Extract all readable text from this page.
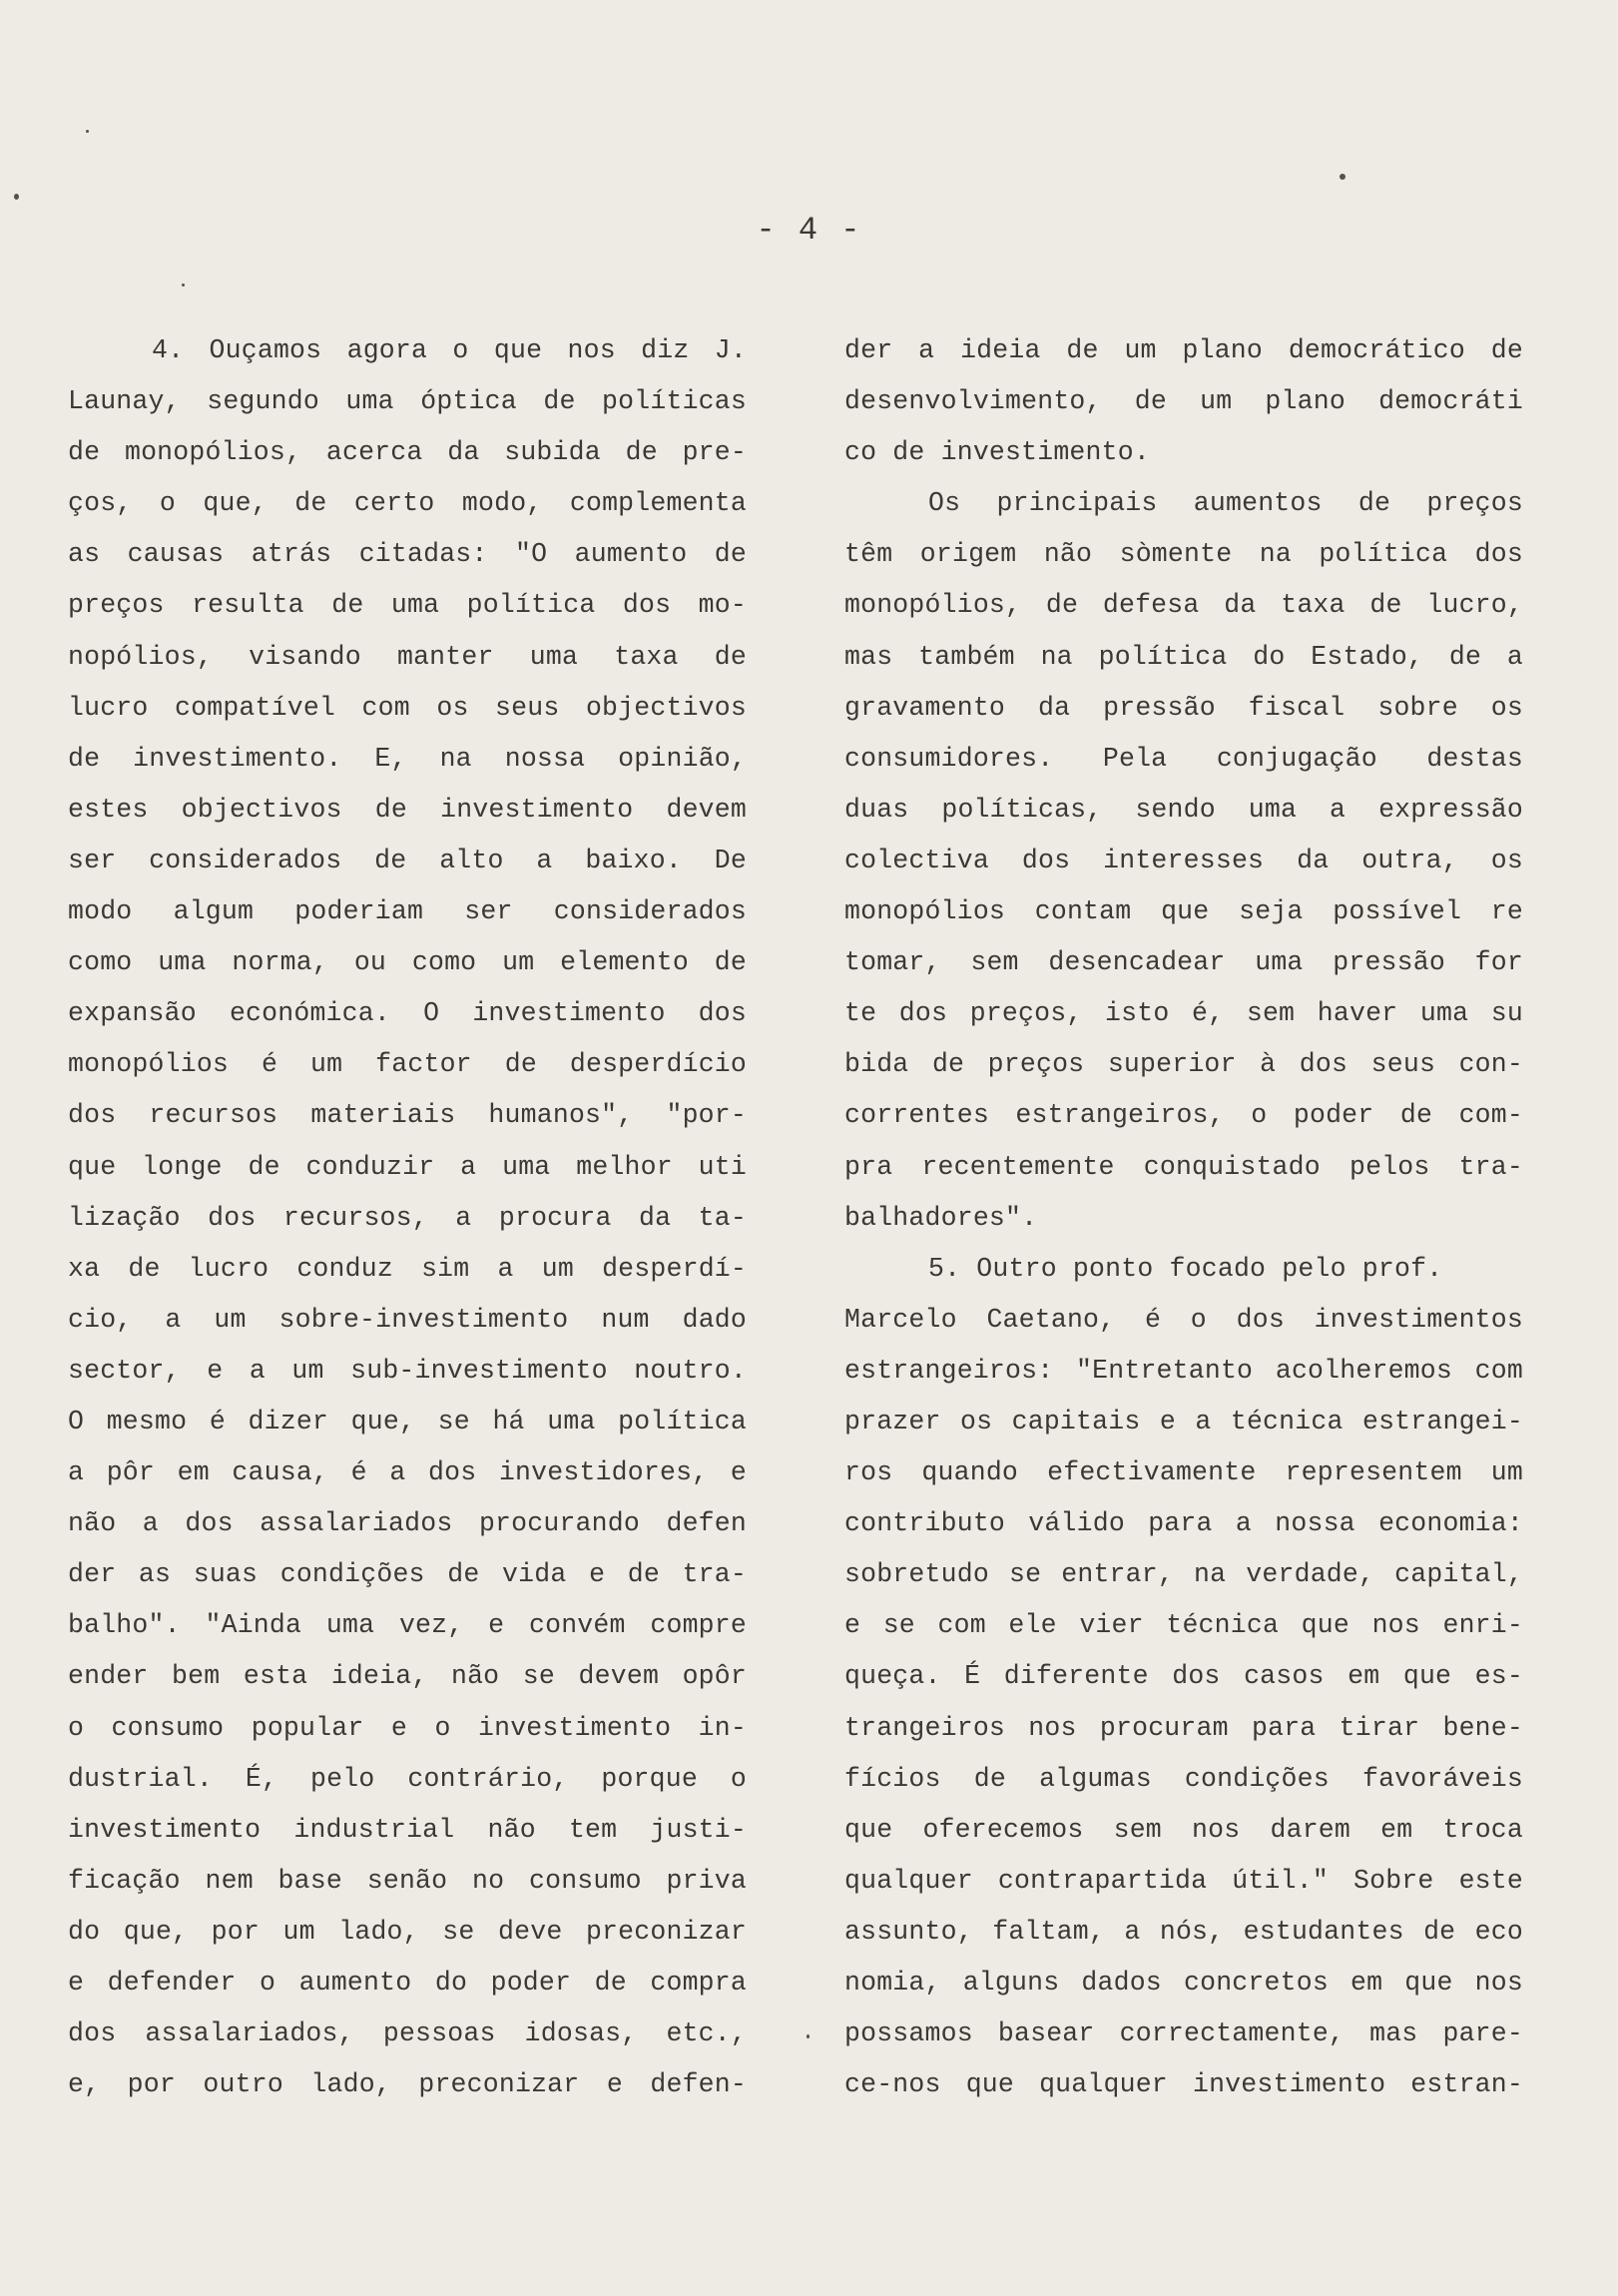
- 4 -
4. Ouçamos agora o que nos diz J.
Launay, segundo uma óptica de políticas
de monopólios, acerca da subida de pre-
ços, o que, de certo modo, complementa
as causas atrás citadas: "O aumento de
preços resulta de uma política dos mo-
nopólios, visando manter uma taxa de
lucro compatível com os seus objectivos
de investimento. E, na nossa opinião,
estes objectivos de investimento devem
ser considerados de alto a baixo. De
modo algum poderiam ser considerados
como uma norma, ou como um elemento de
expansão económica. O investimento dos
monopólios é um factor de desperdício
dos recursos materiais humanos", "por-
que longe de conduzir a uma melhor uti
lização dos recursos, a procura da ta-
xa de lucro conduz sim a um desperdí-
cio, a um sobre-investimento num dado
sector, e a um sub-investimento noutro.
O mesmo é dizer que, se há uma política
a pôr em causa, é a dos investidores, e
não a dos assalariados procurando defen
der as suas condições de vida e de tra-
balho". "Ainda uma vez, e convém compre
ender bem esta ideia, não se devem opôr
o consumo popular e o investimento in-
dustrial. É, pelo contrário, porque o
investimento industrial não tem justi-
ficação nem base senão no consumo priva
do que, por um lado, se deve preconizar
e defender o aumento do poder de compra
dos assalariados, pessoas idosas, etc.,
e, por outro lado, preconizar e defen-
der a ideia de um plano democrático de
desenvolvimento, de um plano democráti
co de investimento.
Os principais aumentos de preços
têm origem não sòmente na política dos
monopólios, de defesa da taxa de lucro,
mas também na política do Estado, de a
gravamento da pressão fiscal sobre os
consumidores. Pela conjugação destas
duas políticas, sendo uma a expressão
colectiva dos interesses da outra, os
monopólios contam que seja possível re
tomar, sem desencadear uma pressão for
te dos preços, isto é, sem haver uma su
bida de preços superior à dos seus con-
correntes estrangeiros, o poder de com-
pra recentemente conquistado pelos tra-
balhadores".
5. Outro ponto focado pelo prof.
Marcelo Caetano, é o dos investimentos
estrangeiros: "Entretanto acolheremos com
prazer os capitais e a técnica estrangei-
ros quando efectivamente representem um
contributo válido para a nossa economia:
sobretudo se entrar, na verdade, capital,
e se com ele vier técnica que nos enri-
queça. É diferente dos casos em que es-
trangeiros nos procuram para tirar bene-
fícios de algumas condições favoráveis
que oferecemos sem nos darem em troca
qualquer contrapartida útil." Sobre este
assunto, faltam, a nós, estudantes de eco
nomia, alguns dados concretos em que nos
possamos basear correctamente, mas pare-
ce-nos que qualquer investimento estran-
